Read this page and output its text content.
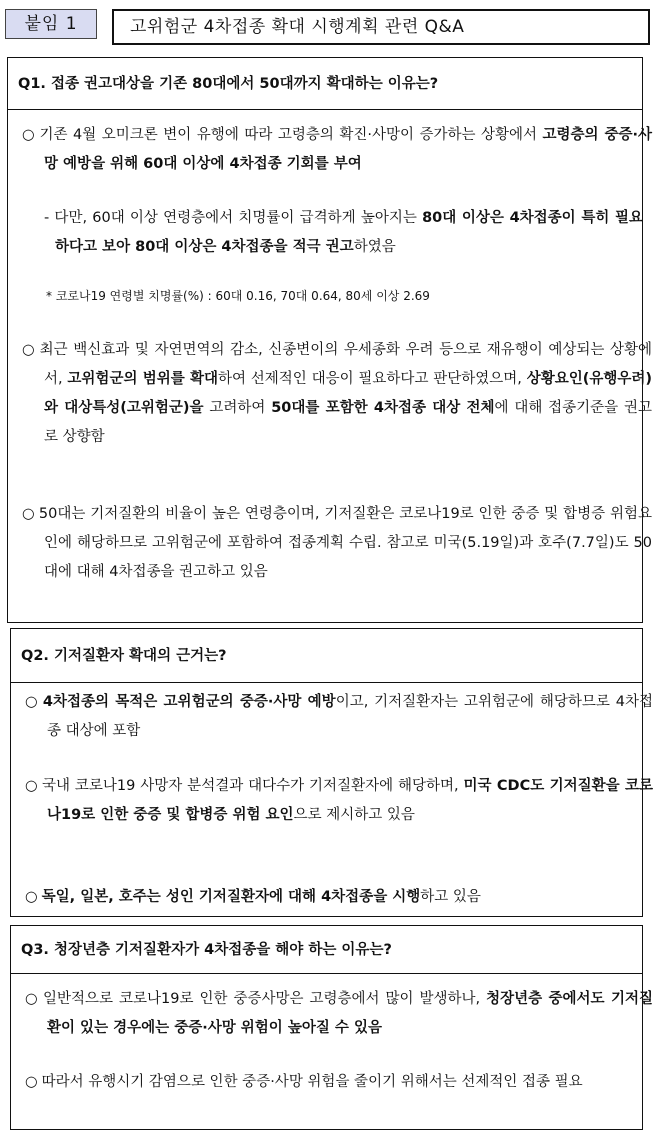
붙임 1	고위험군 4차접종 확대 시행계획 관련 Q&A
Q1. 접종 권고대상을 기존 80대에서 50대까지 확대하는 이유는?
○ 기존 4월 오미크론 변이 유행에 따라 고령층의 확진·사망이 증가하는 상황에서 고령층의 중증·사망 예방을 위해 60대 이상에 4차접종 기회를 부여
- 다만, 60대 이상 연령층에서 치명률이 급격하게 높아지는 80대 이상은 4차접종이 특히 필요하다고 보아 80대 이상은 4차접종을 적극 권고하였음
* 코로나19 연령별 치명률(%) : 60대 0.16, 70대 0.64, 80세 이상 2.69
○ 최근 백신효과 및 자연면역의 감소, 신종변이의 우세종화 우려 등으로 재유행이 예상되는 상황에서, 고위험군의 범위를 확대하여 선제적인 대응이 필요하다고 판단하였으며, 상황요인(유행우려)와 대상특성(고위험군)을 고려하여 50대를 포함한 4차접종 대상 전체에 대해 접종기준을 권고로 상향함
○ 50대는 기저질환의 비율이 높은 연령층이며, 기저질환은 코로나19로 인한 중증 및 합병증 위험요인에 해당하므로 고위험군에 포함하여 접종계획 수립. 참고로 미국(5.19일)과 호주(7.7일)도 50대에 대해 4차접종을 권고하고 있음
Q2. 기저질환자 확대의 근거는?
○ 4차접종의 목적은 고위험군의 중증·사망 예방이고, 기저질환자는 고위험군에 해당하므로 4차접종 대상에 포함
○ 국내 코로나19 사망자 분석결과 대다수가 기저질환자에 해당하며, 미국 CDC도 기저질환을 코로나19로 인한 중증 및 합병증 위험 요인으로 제시하고 있음
○ 독일, 일본, 호주는 성인 기저질환자에 대해 4차접종을 시행하고 있음
Q3. 청장년층 기저질환자가 4차접종을 해야 하는 이유는?
○ 일반적으로 코로나19로 인한 중증사망은 고령층에서 많이 발생하나, 청장년층 중에서도 기저질환이 있는 경우에는 중증·사망 위험이 높아질 수 있음
○ 따라서 유행시기 감염으로 인한 중증·사망 위험을 줄이기 위해서는 선제적인 접종 필요
